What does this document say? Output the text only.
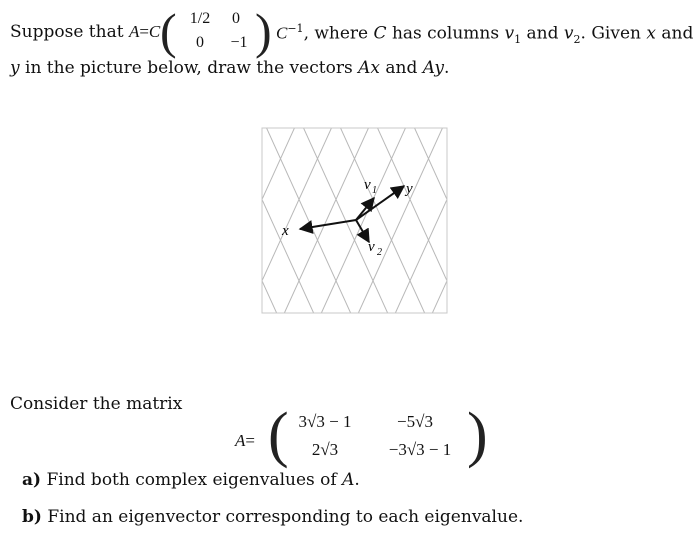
Suppose that A=C ( 1/2	0
0	−1 ) $C^{-1}$, where C has columns $v_1$ and $v_2$. Given x and
y in the picture below, draw the vectors Ax and Ay.
x
y
v 1
v 2
Consider the matrix
A= ( 3√3 − 1	−5√3
2√3	−3√3 − 1 )
a) Find both complex eigenvalues of A.
b) Find an eigenvector corresponding to each eigenvalue.
